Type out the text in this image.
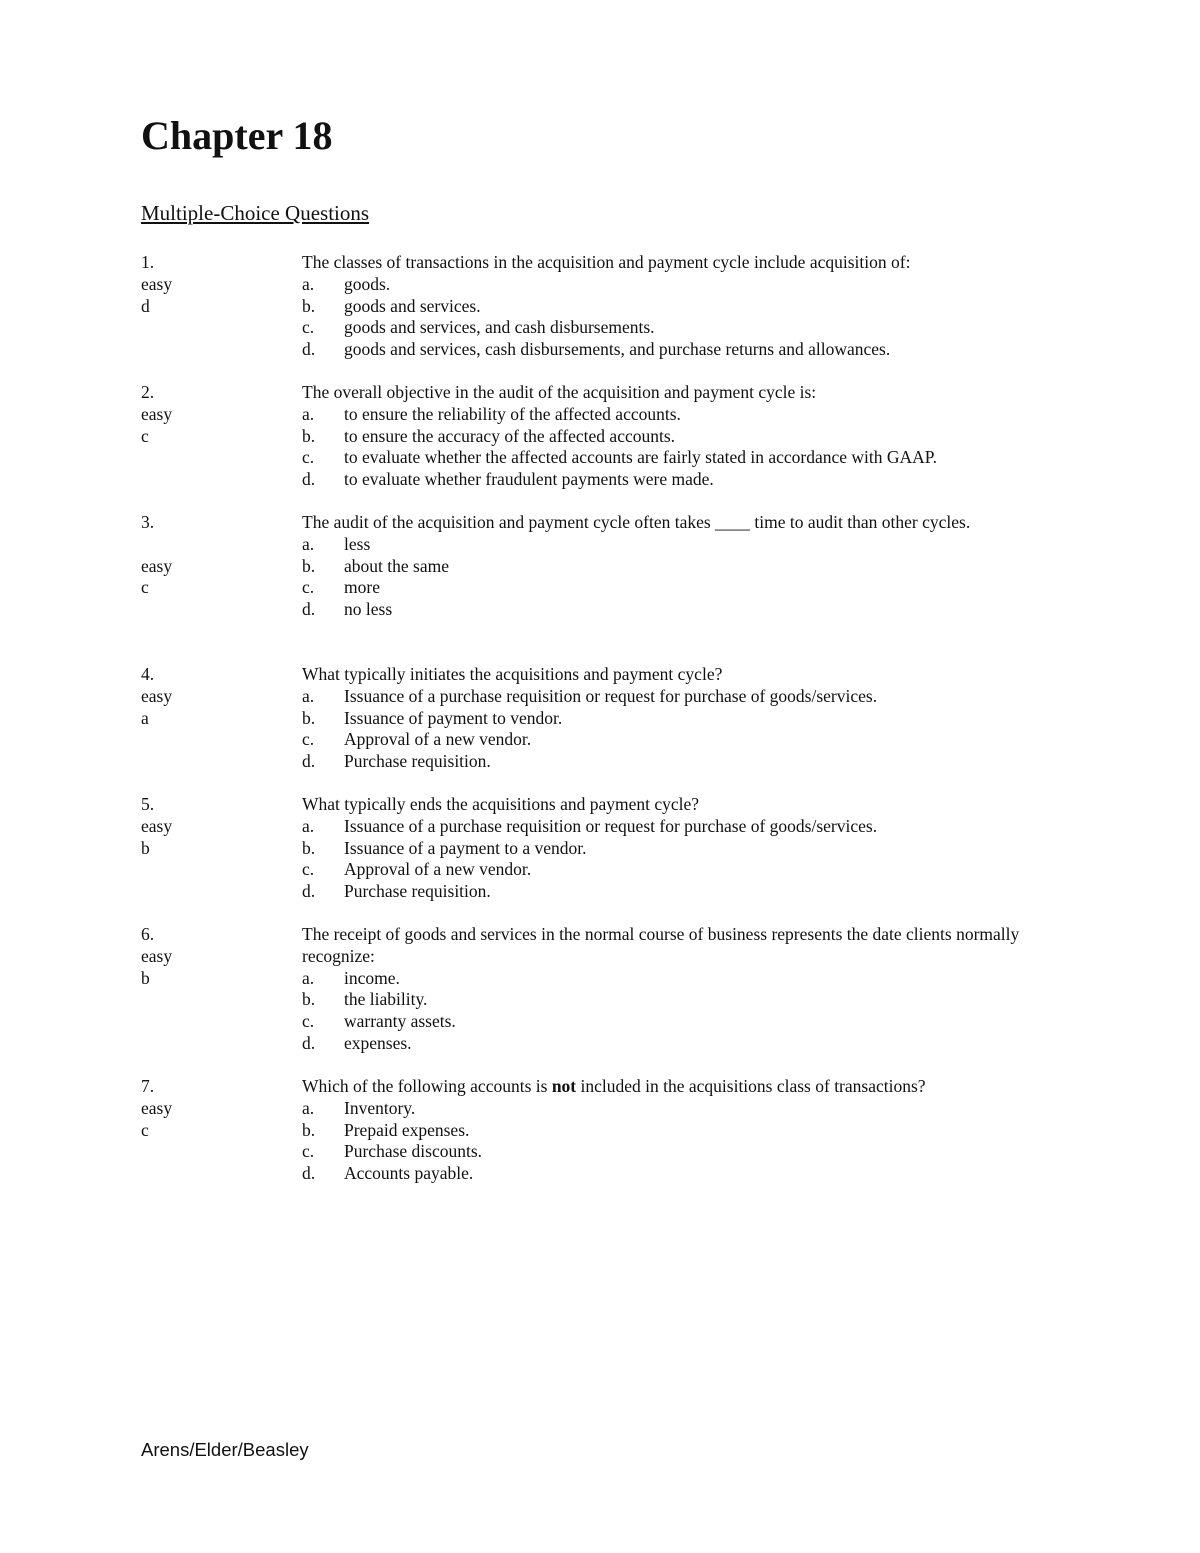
Chapter 18
Multiple-Choice Questions
1.
easy
d

The classes of transactions in the acquisition and payment cycle include acquisition of:

a. goods.
b. goods and services.
c. goods and services, and cash disbursements.
d. goods and services, cash disbursements, and purchase returns and allowances.
2.
easy
c

The overall objective in the audit of the acquisition and payment cycle is:

a. to ensure the reliability of the affected accounts.
b. to ensure the accuracy of the affected accounts.
c. to evaluate whether the affected accounts are fairly stated in accordance with GAAP.
d. to evaluate whether fraudulent payments were made.
3.
easy
c

The audit of the acquisition and payment cycle often takes ____ time to audit than other cycles.

a. less
b. about the same
c. more
d. no less
4.
easy
a

What typically initiates the acquisitions and payment cycle?

a. Issuance of a purchase requisition or request for purchase of goods/services.
b. Issuance of payment to vendor.
c. Approval of a new vendor.
d. Purchase requisition.
5.
easy
b

What typically ends the acquisitions and payment cycle?

a. Issuance of a purchase requisition or request for purchase of goods/services.
b. Issuance of a payment to a vendor.
c. Approval of a new vendor.
d. Purchase requisition.
6.
easy
b

The receipt of goods and services in the normal course of business represents the date clients normally recognize:

a. income.
b. the liability.
c. warranty assets.
d. expenses.
7.
easy
c

Which of the following accounts is not included in the acquisitions class of transactions?

a. Inventory.
b. Prepaid expenses.
c. Purchase discounts.
d. Accounts payable.
Arens/Elder/Beasley
